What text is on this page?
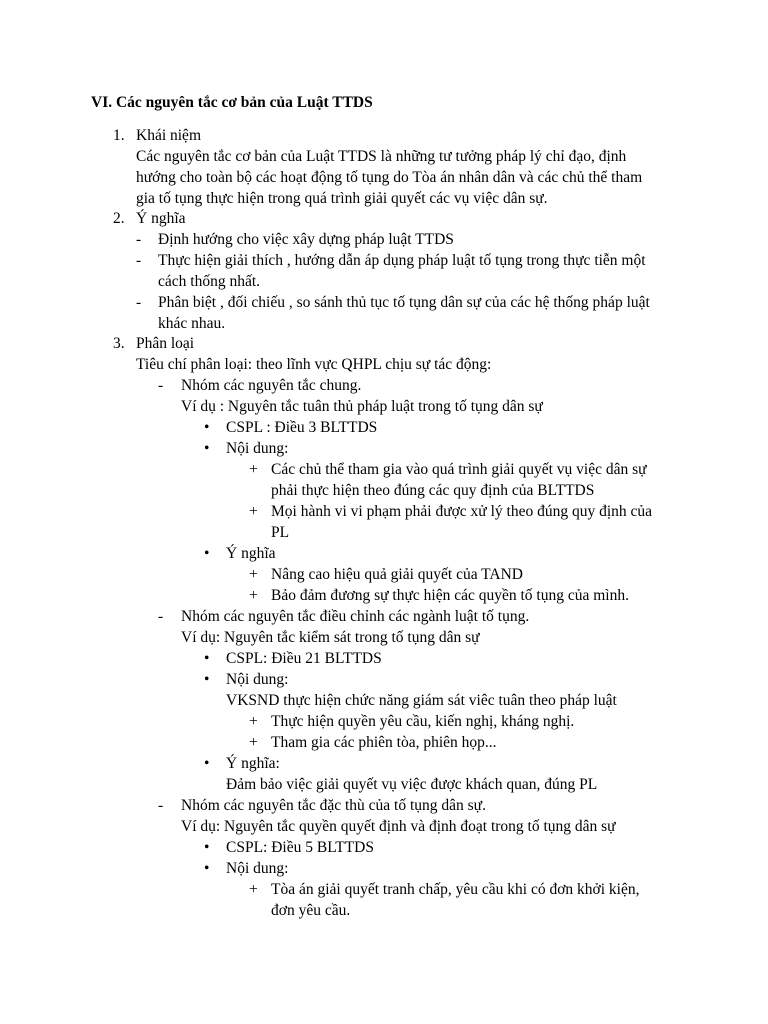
VI. Các nguyên tắc cơ bản của Luật TTDS
1. Khái niệm
Các nguyên tắc cơ bản của Luật TTDS là những tư tưởng pháp lý chỉ đạo, định
hướng cho toàn bộ các hoạt động tố tụng do Tòa án nhân dân và các chủ thể tham
gia tố tụng thực hiện trong quá trình giải quyết các vụ việc dân sự.
2. Ý nghĩa
- Định hướng cho việc xây dựng pháp luật TTDS
- Thực hiện giải thích , hướng dẫn áp dụng pháp luật tố tụng trong thực tiễn một
cách thống nhất.
- Phân biệt , đối chiếu , so sánh thủ tục tố tụng dân sự của các hệ thống pháp luật
khác nhau.
3. Phân loại
Tiêu chí phân loại: theo lĩnh vực QHPL chịu sự tác động:
- Nhóm các nguyên tắc chung.
Ví dụ : Nguyên tắc tuân thủ pháp luật trong tố tụng dân sự
• CSPL : Điều 3 BLTTDS
• Nội dung:
+ Các chủ thể tham gia vào quá trình giải quyết vụ việc dân sự
phải thực hiện theo đúng các quy định của BLTTDS
+ Mọi hành vi vi phạm phải được xử lý theo đúng quy định của
PL
• Ý nghĩa
+ Nâng cao hiệu quả giải quyết của TAND
+ Bảo đảm đương sự thực hiện các quyền tố tụng của mình.
- Nhóm các nguyên tắc điều chỉnh các ngành luật tố tụng.
Ví dụ: Nguyên tắc kiểm sát trong tố tụng dân sự
• CSPL: Điều 21 BLTTDS
• Nội dung:
VKSND thực hiện chức năng giám sát viêc tuân theo pháp luật
+ Thực hiện quyền yêu cầu, kiến nghị, kháng nghị.
+ Tham gia các phiên tòa, phiên họp...
• Ý nghĩa:
Đảm bảo việc giải quyết vụ việc được khách quan, đúng PL
- Nhóm các nguyên tắc đặc thù của tố tụng dân sự.
Ví dụ: Nguyên tắc quyền quyết định và định đoạt trong tố tụng dân sự
• CSPL: Điều 5 BLTTDS
• Nội dung:
+ Tòa án giải quyết tranh chấp, yêu cầu khi có đơn khởi kiện,
đơn yêu cầu.
